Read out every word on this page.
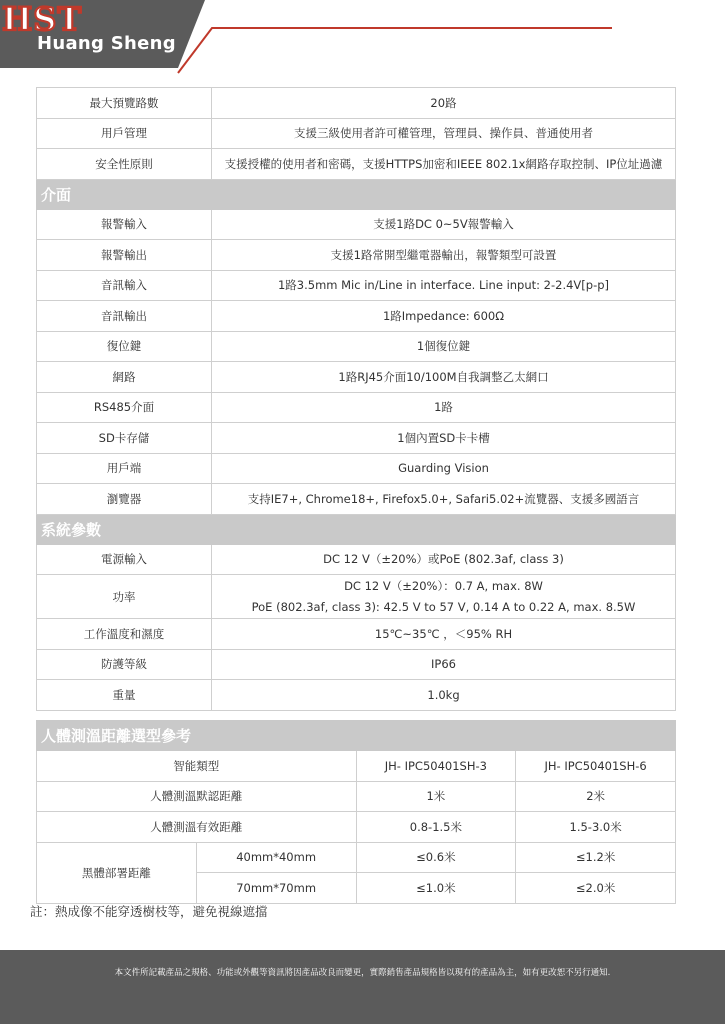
Huang Sheng
HST
最大預覽路數	20路
用戶管理	支援三級使用者許可權管理，管理員、操作員、普通使用者
安全性原則	支援授權的使用者和密碼，支援HTTPS加密和IEEE 802.1x網路存取控制、IP位址過濾
介面	
報警輸入	支援1路DC 0~5V報警輸入
報警輸出	支援1路常開型繼電器輸出，報警類型可設置
音訊輸入	1路3.5mm Mic in/Line in interface. Line input: 2-2.4V[p-p]
音訊輸出	1路Impedance: 600Ω
復位鍵	1個復位鍵
網路	1路RJ45介面10/100M自我調整乙太網口
RS485介面	1路
SD卡存儲	1個內置SD卡卡槽
用戶端	Guarding Vision
瀏覽器	支持IE7+, Chrome18+, Firefox5.0+, Safari5.02+流覽器、支援多國語言
系統參數	
電源輸入	DC 12 V（±20%）或PoE (802.3af, class 3)
功率	DC 12 V（±20%）：0.7 A, max. 8W
PoE (802.3af, class 3): 42.5 V to 57 V, 0.14 A to 0.22 A, max. 8.5W

工作溫度和濕度	15℃~35℃ ，＜95% RH
防護等級	IP66
重量	1.0kg
人體測溫距離選型參考			
智能類型		JH- IPC50401SH-3	JH- IPC50401SH-6
人體測溫默認距離		1米	2米
人體測溫有效距離		0.8-1.5米	1.5-3.0米
黑體部署距離	40mm*40mm	≤0.6米	≤1.2米
	70mm*70mm	≤1.0米	≤2.0米
註：熱成像不能穿透樹枝等，避免視線遮擋
本文件所記載產品之規格、功能或外觀等資訊將因產品改良而變更，實際銷售產品規格皆以現有的產品為主，如有更改恕不另行通知.
